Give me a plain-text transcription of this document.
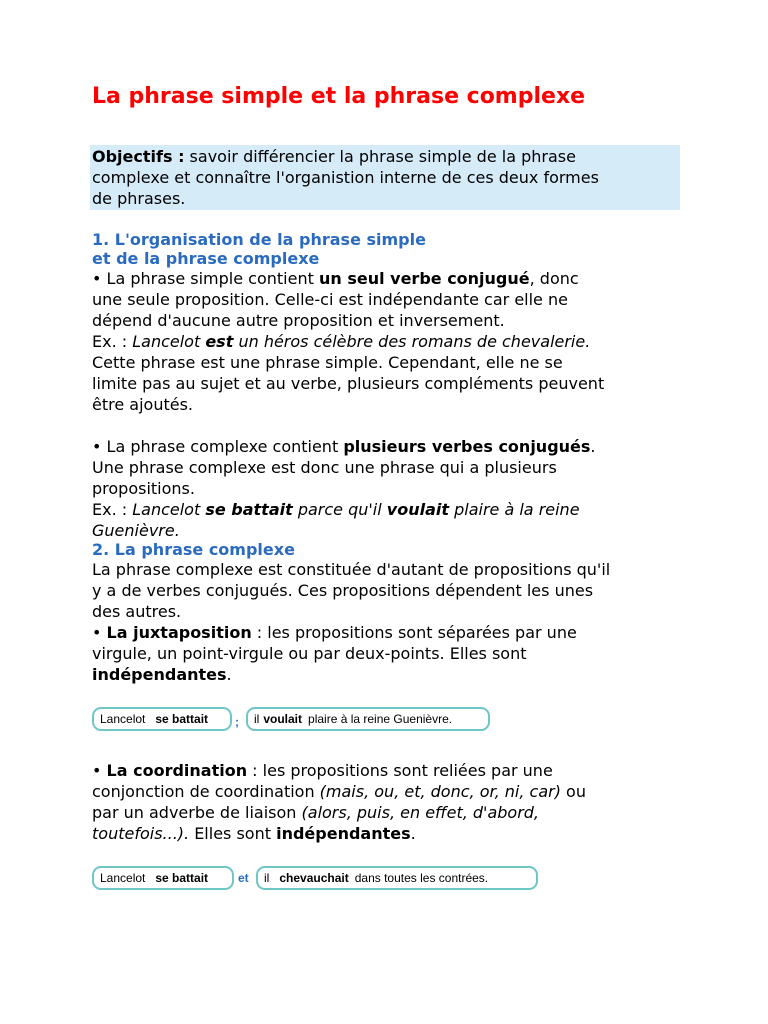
La phrase simple et la phrase complexe
Objectifs : savoir différencier la phrase simple de la phrase
complexe et connaître l'organistion interne de ces deux formes
de phrases.
1. L'organisation de la phrase simple
et de la phrase complexe
• La phrase simple contient un seul verbe conjugué, donc
une seule proposition. Celle-ci est indépendante car elle ne
dépend d'aucune autre proposition et inversement.
Ex. : Lancelot est un héros célèbre des romans de chevalerie.
Cette phrase est une phrase simple. Cependant, elle ne se
limite pas au sujet et au verbe, plusieurs compléments peuvent
être ajoutés.
• La phrase complexe contient plusieurs verbes conjugués.
Une phrase complexe est donc une phrase qui a plusieurs
propositions.
Ex. : Lancelot se battait parce qu'il voulait plaire à la reine
Guenièvre.
2. La phrase complexe
La phrase complexe est constituée d'autant de propositions qu'il
y a de verbes conjugués. Ces propositions dépendent les unes
des autres.
• La juxtaposition : les propositions sont séparées par une
virgule, un point-virgule ou par deux-points. Elles sont
indépendantes.
Lancelot se battait ; il voulait plaire à la reine Guenièvre.
• La coordination : les propositions sont reliées par une
conjonction de coordination (mais, ou, et, donc, or, ni, car) ou
par un adverbe de liaison (alors, puis, en effet, d'abord,
toutefois...). Elles sont indépendantes.
Lancelot se battait et il chevauchait dans toutes les contrées.
